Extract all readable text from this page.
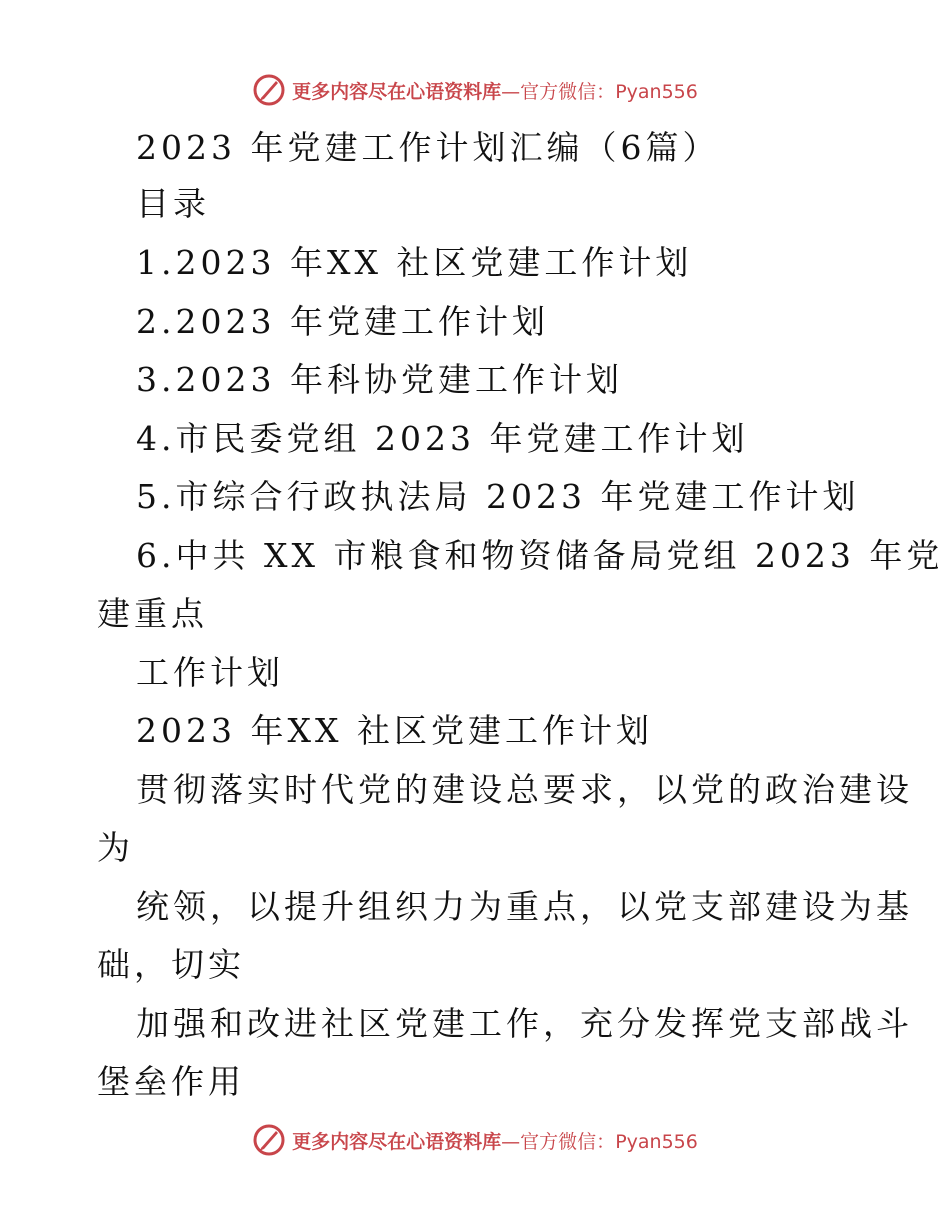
更多内容尽在心语资料库—官方微信：Pyan556
2023 年党建工作计划汇编（6篇）
目录
1.2023 年XX 社区党建工作计划
2.2023 年党建工作计划
3.2023 年科协党建工作计划
4.市民委党组 2023 年党建工作计划
5.市综合行政执法局 2023 年党建工作计划
6.中共 XX 市粮食和物资储备局党组 2023 年党
建重点
工作计划
2023 年XX 社区党建工作计划
贯彻落实时代党的建设总要求，以党的政治建设
为
统领，以提升组织力为重点，以党支部建设为基
础，切实
加强和改进社区党建工作，充分发挥党支部战斗
堡垒作用
更多内容尽在心语资料库—官方微信：Pyan556
